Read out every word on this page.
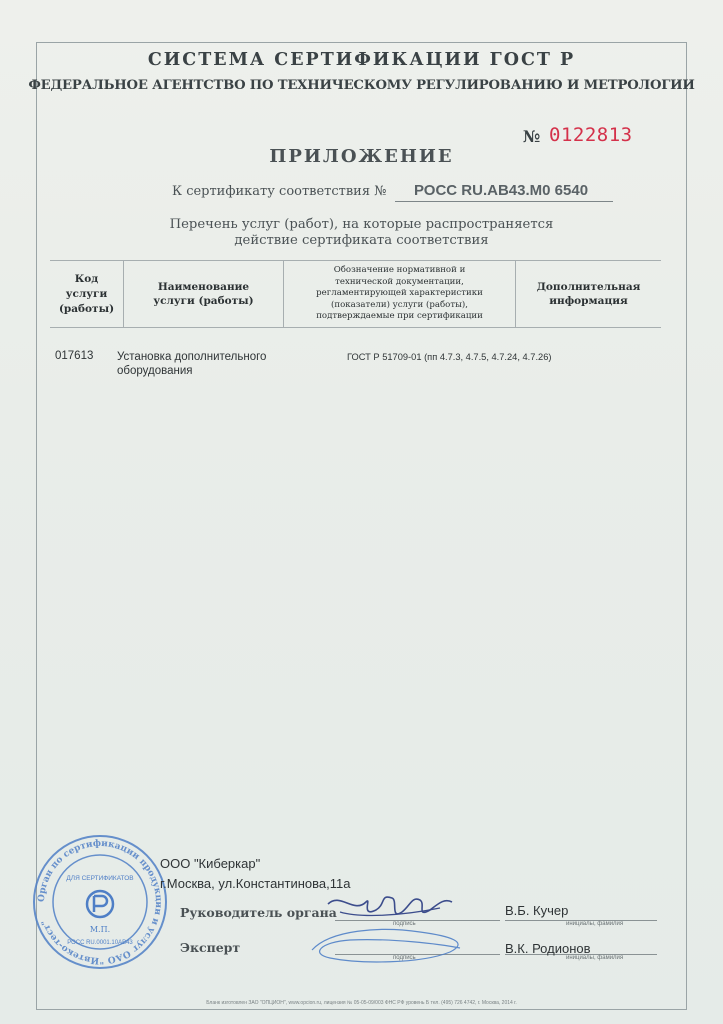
СИСТЕМА СЕРТИФИКАЦИИ ГОСТ Р
ФЕДЕРАЛЬНОЕ АГЕНТСТВО ПО ТЕХНИЧЕСКОМУ РЕГУЛИРОВАНИЮ И МЕТРОЛОГИИ
№ 0122813
ПРИЛОЖЕНИЕ
К сертификату соответствия № РОСС RU.АВ43.М0 6540
Перечень услуг (работ), на которые распространяется
действие сертификата соответствия
Код услуги (работы)
Наименование услуги (работы)
Обозначение нормативной и технической документации, регламентирующей характеристики (показатели) услуги (работы), подтверждаемые при сертификации
Дополнительная информация
017613 Установка дополнительного оборудования
ГОСТ Р 51709-01 (пп 4.7.3, 4.7.5, 4.7.24, 4.7.26)
Орган по сертификации продукции и услуг ОАО "Ивтеко-тест"
ДЛЯ СЕРТИФИКАТОВ
М.П.
РОСС RU.0001.10АВ43
ООО "Киберкар"
г.Москва, ул.Константинова,11а
Руководитель органа
Эксперт
подпись
подпись
инициалы, фамилия
инициалы, фамилия
В.Б. Кучер
В.К. Родионов
Бланк изготовлен ЗАО "ОПЦИОН", www.opcion.ru, лицензия № 05-05-09/003 ФНС РФ уровень Б тел. (495) 726 4742, г. Москва, 2014 г.
